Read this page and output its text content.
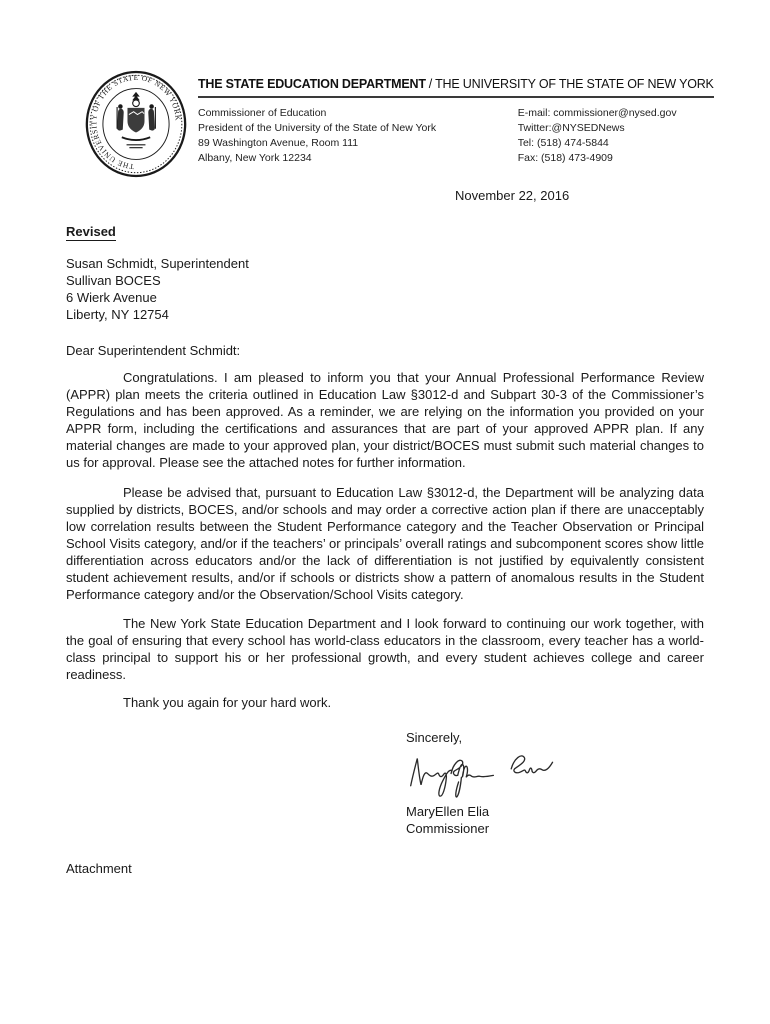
THE UNIVERSITY OF THE STATE OF NEW YORK
THE STATE EDUCATION DEPARTMENT / THE UNIVERSITY OF THE STATE OF NEW YORK
Commissioner of Education
President of the University of the State of New York
89 Washington Avenue, Room 111
Albany, New York 12234
E-mail: commissioner@nysed.gov
Twitter:@NYSEDNews
Tel: (518) 474-5844
Fax: (518) 473-4909
November 22, 2016
Revised
Susan Schmidt, Superintendent
Sullivan BOCES
6 Wierk Avenue
Liberty, NY 12754
Dear Superintendent Schmidt:

Congratulations. I am pleased to inform you that your Annual Professional Performance Review (APPR) plan meets the criteria outlined in Education Law §3012-d and Subpart 30-3 of the Commissioner’s Regulations and has been approved. As a reminder, we are relying on the information you provided on your APPR form, including the certifications and assurances that are part of your approved APPR plan. If any material changes are made to your approved plan, your district/BOCES must submit such material changes to us for approval. Please see the attached notes for further information.

Please be advised that, pursuant to Education Law §3012-d, the Department will be analyzing data supplied by districts, BOCES, and/or schools and may order a corrective action plan if there are unacceptably low correlation results between the Student Performance category and the Teacher Observation or Principal School Visits category, and/or if the teachers’ or principals’ overall ratings and subcomponent scores show little differentiation across educators and/or the lack of differentiation is not justified by equivalently consistent student achievement results, and/or if schools or districts show a pattern of anomalous results in the Student Performance category and/or the Observation/School Visits category.

The New York State Education Department and I look forward to continuing our work together, with the goal of ensuring that every school has world-class educators in the classroom, every teacher has a world-class principal to support his or her professional growth, and every student achieves college and career readiness.

Thank you again for your hard work.
Sincerely,
MaryEllen Elia
Commissioner
Attachment
